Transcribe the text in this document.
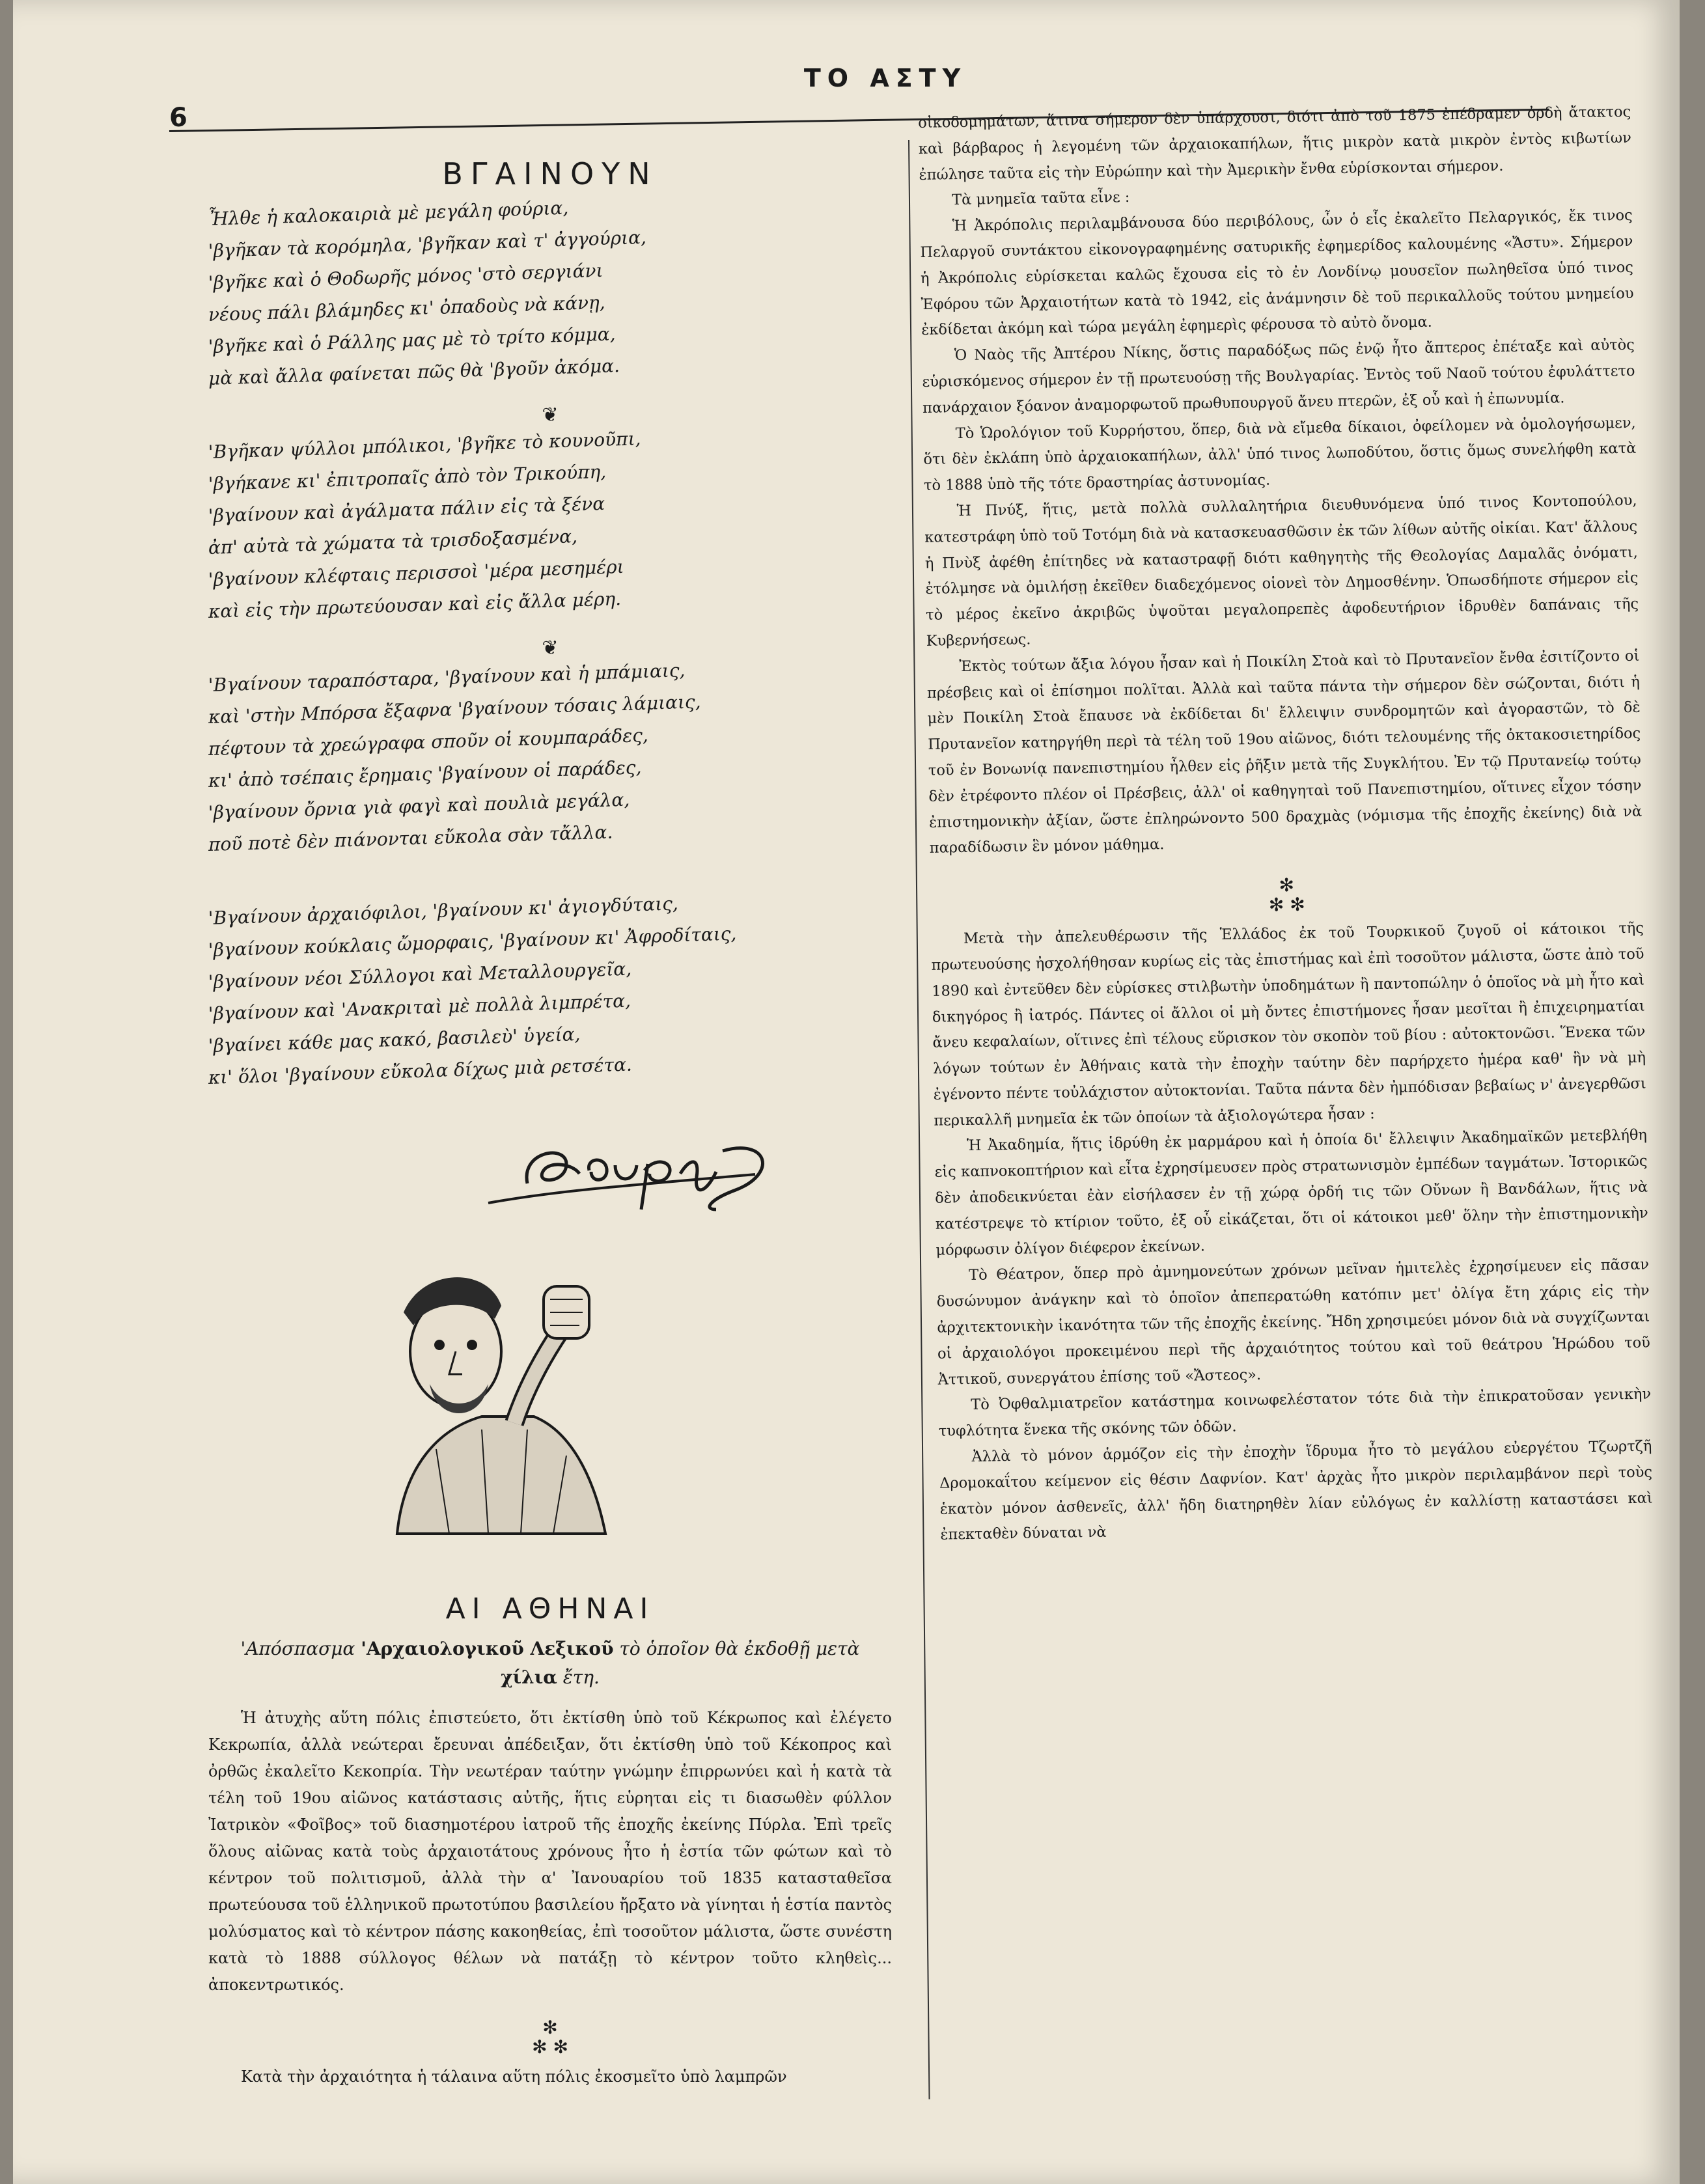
ΤΟ ΑΣΤΥ
6
ΒΓΑΙΝΟΥΝ
Ἦλθε ἡ καλοκαιριὰ μὲ μεγάλη φούρια,
'βγῆκαν τὰ κορόμηλα, 'βγῆκαν καὶ τ' ἀγγούρια,
'βγῆκε καὶ ὁ Θοδωρῆς μόνος 'στὸ σεργιάνι
νέους πάλι βλάμηδες κι' ὀπαδοὺς νὰ κάνῃ,
'βγῆκε καὶ ὁ Ράλλης μας μὲ τὸ τρίτο κόμμα,
μὰ καὶ ἄλλα φαίνεται πῶς θὰ 'βγοῦν ἀκόμα.
❦
'Βγῆκαν ψύλλοι μπόλικοι, 'βγῆκε τὸ κουνοῦπι,
'βγήκανε κι' ἐπιτροπαῖς ἀπὸ τὸν Τρικούπη,
'βγαίνουν καὶ ἀγάλματα πάλιν εἰς τὰ ξένα
ἀπ' αὐτὰ τὰ χώματα τὰ τρισδοξασμένα,
'βγαίνουν κλέφταις περισσοὶ 'μέρα μεσημέρι
καὶ εἰς τὴν πρωτεύουσαν καὶ εἰς ἄλλα μέρη.
❦
'Βγαίνουν ταραπόσταρα, 'βγαίνουν καὶ ἡ μπάμιαις,
καὶ 'στὴν Μπόρσα ἔξαφνα 'βγαίνουν τόσαις λάμιαις,
πέφτουν τὰ χρεώγραφα σποῦν οἱ κουμπαράδες,
κι' ἀπὸ τσέπαις ἔρημαις 'βγαίνουν οἱ παράδες,
'βγαίνουν ὄρνια γιὰ φαγὶ καὶ πουλιὰ μεγάλα,
ποῦ ποτὲ δὲν πιάνονται εὔκολα σὰν τἄλλα.

'Βγαίνουν ἀρχαιόφιλοι, 'βγαίνουν κι' ἀγιογδύταις,
'βγαίνουν κούκλαις ὤμορφαις, 'βγαίνουν κι' Ἀφροδίταις,
'βγαίνουν νέοι Σύλλογοι καὶ Μεταλλουργεῖα,
'βγαίνουν καὶ 'Ανακριταὶ μὲ πολλὰ λιμπρέτα,
'βγαίνει κάθε μας κακό, βασιλεὺ' ὑγεία,
κι' ὅλοι 'βγαίνουν εὔκολα δίχως μιὰ ρετσέτα.
ΑΙ ΑΘΗΝΑΙ
'Απόσπασμα 'Αρχαιολογικοῦ Λεξικοῦ τὸ ὁποῖον θὰ ἐκδοθῇ μετὰ χίλια ἔτη.

Ἡ ἀτυχὴς αὕτη πόλις ἐπιστεύετο, ὅτι ἐκτίσθη ὑπὸ τοῦ Κέκρωπος καὶ ἐλέγετο Κεκρωπία, ἀλλὰ νεώτεραι ἔρευναι ἀπέδειξαν, ὅτι ἐκτίσθη ὑπὸ τοῦ Κέκοπρος καὶ ὀρθῶς ἐκαλεῖτο Κεκοπρία. Τὴν νεωτέραν ταύτην γνώμην ἐπιρρωνύει καὶ ἡ κατὰ τὰ τέλη τοῦ 19ου αἰῶνος κατάστασις αὐτῆς, ἥτις εὑρηται εἰς τι διασωθὲν φύλλον Ἰατρικὸν «Φοῖβος» τοῦ διασημοτέρου ἰατροῦ τῆς ἐποχῆς ἐκείνης Πύρλα. Ἐπὶ τρεῖς ὅλους αἰῶνας κατὰ τοὺς ἀρχαιοτάτους χρόνους ἦτο ἡ ἑστία τῶν φώτων καὶ τὸ κέντρον τοῦ πολιτισμοῦ, ἀλλὰ τὴν α' Ἰανουαρίου τοῦ 1835 κατασταθεῖσα πρωτεύουσα τοῦ ἑλληνικοῦ πρωτοτύπου βασιλείου ἤρξατο νὰ γίνηται ἡ ἑστία παντὸς μολύσματος καὶ τὸ κέντρον πάσης κακοηθείας, ἐπὶ τοσοῦτον μάλιστα, ὥστε συνέστη κατὰ τὸ 1888 σύλλογος θέλων νὰ πατάξῃ τὸ κέντρον τοῦτο κληθεὶς... ἀποκεντρωτικός.

✻
✻ ✻

Κατὰ τὴν ἀρχαιότητα ἡ τάλαινα αὕτη πόλις ἐκοσμεῖτο ὑπὸ λαμπρῶν

οἰκοδομημάτων, ἅτινα σήμερον δὲν ὑπάρχουσι, διότι ἀπὸ τοῦ 1875 ἐπέδραμεν ὀρδὴ ἄτακτος καὶ βάρβαρος ἡ λεγομένη τῶν ἀρχαιοκαπήλων, ἥτις μικρὸν κατὰ μικρὸν ἐντὸς κιβωτίων ἐπώλησε ταῦτα εἰς τὴν Εὐρώπην καὶ τὴν Ἀμερικὴν ἔνθα εὑρίσκονται σήμερον.

Τὰ μνημεῖα ταῦτα εἶνε :

Ἡ Ἀκρόπολις περιλαμβάνουσα δύο περιβόλους, ὧν ὁ εἷς ἐκαλεῖτο Πελαργικός, ἔκ τινος Πελαργοῦ συντάκτου εἰκονογραφημένης σατυρικῆς ἐφημερίδος καλουμένης «Ἄστυ». Σήμερον ἡ Ἀκρόπολις εὑρίσκεται καλῶς ἔχουσα εἰς τὸ ἐν Λονδίνῳ μουσεῖον πωληθεῖσα ὑπό τινος Ἐφόρου τῶν Ἀρχαιοτήτων κατὰ τὸ 1942, εἰς ἀνάμνησιν δὲ τοῦ περικαλλοῦς τούτου μνημείου ἐκδίδεται ἀκόμη καὶ τώρα μεγάλη ἐφημερὶς φέρουσα τὸ αὐτὸ ὄνομα.

Ὁ Ναὸς τῆς Ἀπτέρου Νίκης, ὅστις παραδόξως πῶς ἐνῷ ἦτο ἄπτερος ἐπέταξε καὶ αὐτὸς εὑρισκόμενος σήμερον ἐν τῇ πρωτευούσῃ τῆς Βουλγαρίας. Ἐντὸς τοῦ Ναοῦ τούτου ἐφυλάττετο πανάρχαιον ξόανον ἀναμορφωτοῦ πρωθυπουργοῦ ἄνευ πτερῶν, ἐξ οὗ καὶ ἡ ἐπωνυμία.

Τὸ Ὡρολόγιον τοῦ Κυρρήστου, ὅπερ, διὰ νὰ εἴμεθα δίκαιοι, ὀφείλομεν νὰ ὁμολογήσωμεν, ὅτι δὲν ἐκλάπη ὑπὸ ἀρχαιοκαπήλων, ἀλλ' ὑπό τινος λωποδύτου, ὅστις ὅμως συνελήφθη κατὰ τὸ 1888 ὑπὸ τῆς τότε δραστηρίας ἀστυνομίας.

Ἡ Πνύξ, ἥτις, μετὰ πολλὰ συλλαλητήρια διευθυνόμενα ὑπό τινος Κοντοπούλου, κατεστράφη ὑπὸ τοῦ Τοτόμη διὰ νὰ κατασκευασθῶσιν ἐκ τῶν λίθων αὐτῆς οἰκίαι. Κατ' ἄλλους ἡ Πνὺξ ἀφέθη ἐπίτηδες νὰ καταστραφῇ διότι καθηγητὴς τῆς Θεολογίας Δαμαλᾶς ὀνόματι, ἐτόλμησε νὰ ὁμιλήσῃ ἐκεῖθεν διαδεχόμενος οἱονεὶ τὸν Δημοσθένην. Ὁπωσδήποτε σήμερον εἰς τὸ μέρος ἐκεῖνο ἀκριβῶς ὑψοῦται μεγαλοπρεπὲς ἀφοδευτήριον ἱδρυθὲν δαπάναις τῆς Κυβερνήσεως.

Ἐκτὸς τούτων ἄξια λόγου ἦσαν καὶ ἡ Ποικίλη Στοὰ καὶ τὸ Πρυτανεῖον ἔνθα ἐσιτίζοντο οἱ πρέσβεις καὶ οἱ ἐπίσημοι πολῖται. Ἀλλὰ καὶ ταῦτα πάντα τὴν σήμερον δὲν σώζονται, διότι ἡ μὲν Ποικίλη Στοὰ ἔπαυσε νὰ ἐκδίδεται δι' ἔλλειψιν συνδρομητῶν καὶ ἀγοραστῶν, τὸ δὲ Πρυτανεῖον κατηργήθη περὶ τὰ τέλη τοῦ 19ου αἰῶνος, διότι τελουμένης τῆς ὀκτακοσιετηρίδος τοῦ ἐν Βονωνίᾳ πανεπιστημίου ἦλθεν εἰς ῥῆξιν μετὰ τῆς Συγκλήτου. Ἐν τῷ Πρυτανείῳ τούτῳ δὲν ἐτρέφοντο πλέον οἱ Πρέσβεις, ἀλλ' οἱ καθηγηταὶ τοῦ Πανεπιστημίου, οἵτινες εἶχον τόσην ἐπιστημονικὴν ἀξίαν, ὥστε ἐπληρώνοντο 500 δραχμὰς (νόμισμα τῆς ἐποχῆς ἐκείνης) διὰ νὰ παραδίδωσιν ἓν μόνον μάθημα.

✻
✻ ✻

Μετὰ τὴν ἀπελευθέρωσιν τῆς Ἑλλάδος ἐκ τοῦ Τουρκικοῦ ζυγοῦ οἱ κάτοικοι τῆς πρωτευούσης ἠσχολήθησαν κυρίως εἰς τὰς ἐπιστήμας καὶ ἐπὶ τοσοῦτον μάλιστα, ὥστε ἀπὸ τοῦ 1890 καὶ ἐντεῦθεν δὲν εὑρίσκες στιλβωτὴν ὑποδημάτων ἢ παντοπώλην ὁ ὁποῖος νὰ μὴ ἦτο καὶ δικηγόρος ἢ ἰατρός. Πάντες οἱ ἄλλοι οἱ μὴ ὄντες ἐπιστήμονες ἦσαν μεσῖται ἢ ἐπιχειρηματίαι ἄνευ κεφαλαίων, οἵτινες ἐπὶ τέλους εὕρισκον τὸν σκοπὸν τοῦ βίου : αὐτοκτονῶσι. Ἕνεκα τῶν λόγων τούτων ἐν Ἀθήναις κατὰ τὴν ἐποχὴν ταύτην δὲν παρήρχετο ἡμέρα καθ' ἣν νὰ μὴ ἐγένοντο πέντε τοὐλάχιστον αὐτοκτονίαι. Ταῦτα πάντα δὲν ἠμπόδισαν βεβαίως ν' ἀνεγερθῶσι περικαλλῆ μνημεῖα ἐκ τῶν ὁποίων τὰ ἀξιολογώτερα ἦσαν :

Ἡ Ἀκαδημία, ἥτις ἱδρύθη ἐκ μαρμάρου καὶ ἡ ὁποία δι' ἔλλειψιν Ἀκαδημαϊκῶν μετεβλήθη εἰς καπνοκοπτήριον καὶ εἶτα ἐχρησίμευσεν πρὸς στρατωνισμὸν ἐμπέδων ταγμάτων. Ἱστορικῶς δὲν ἀποδεικνύεται ἐὰν εἰσήλασεν ἐν τῇ χώρᾳ ὀρδή τις τῶν Οὔνων ἢ Βανδάλων, ἥτις νὰ κατέστρεψε τὸ κτίριον τοῦτο, ἐξ οὗ εἰκάζεται, ὅτι οἱ κάτοικοι μεθ' ὅλην τὴν ἐπιστημονικὴν μόρφωσιν ὀλίγον διέφερον ἐκείνων.

Τὸ Θέατρον, ὅπερ πρὸ ἀμνημονεύτων χρόνων μεῖναν ἡμιτελὲς ἐχρησίμευεν εἰς πᾶσαν δυσώνυμον ἀνάγκην καὶ τὸ ὁποῖον ἀπεπερατώθη κατόπιν μετ' ὀλίγα ἔτη χάρις εἰς τὴν ἀρχιτεκτονικὴν ἱκανότητα τῶν τῆς ἐποχῆς ἐκείνης. Ἤδη χρησιμεύει μόνον διὰ νὰ συγχίζωνται οἱ ἀρχαιολόγοι προκειμένου περὶ τῆς ἀρχαιότητος τούτου καὶ τοῦ θεάτρου Ἡρώδου τοῦ Ἀττικοῦ, συνεργάτου ἐπίσης τοῦ «Ἄστεος».

Τὸ Ὀφθαλμιατρεῖον κατάστημα κοινωφελέστατον τότε διὰ τὴν ἐπικρατοῦσαν γενικὴν τυφλότητα ἕνεκα τῆς σκόνης τῶν ὁδῶν.

Ἀλλὰ τὸ μόνον ἁρμόζον εἰς τὴν ἐποχὴν ἵδρυμα ἦτο τὸ μεγάλου εὐεργέτου Τζωρτζῆ Δρομοκαΐτου κείμενον εἰς θέσιν Δαφνίον. Κατ' ἀρχὰς ἦτο μικρὸν περιλαμβάνον περὶ τοὺς ἑκατὸν μόνον ἀσθενεῖς, ἀλλ' ἤδη διατηρηθὲν λίαν εὐλόγως ἐν καλλίστῃ καταστάσει καὶ ἐπεκταθὲν δύναται νὰ
